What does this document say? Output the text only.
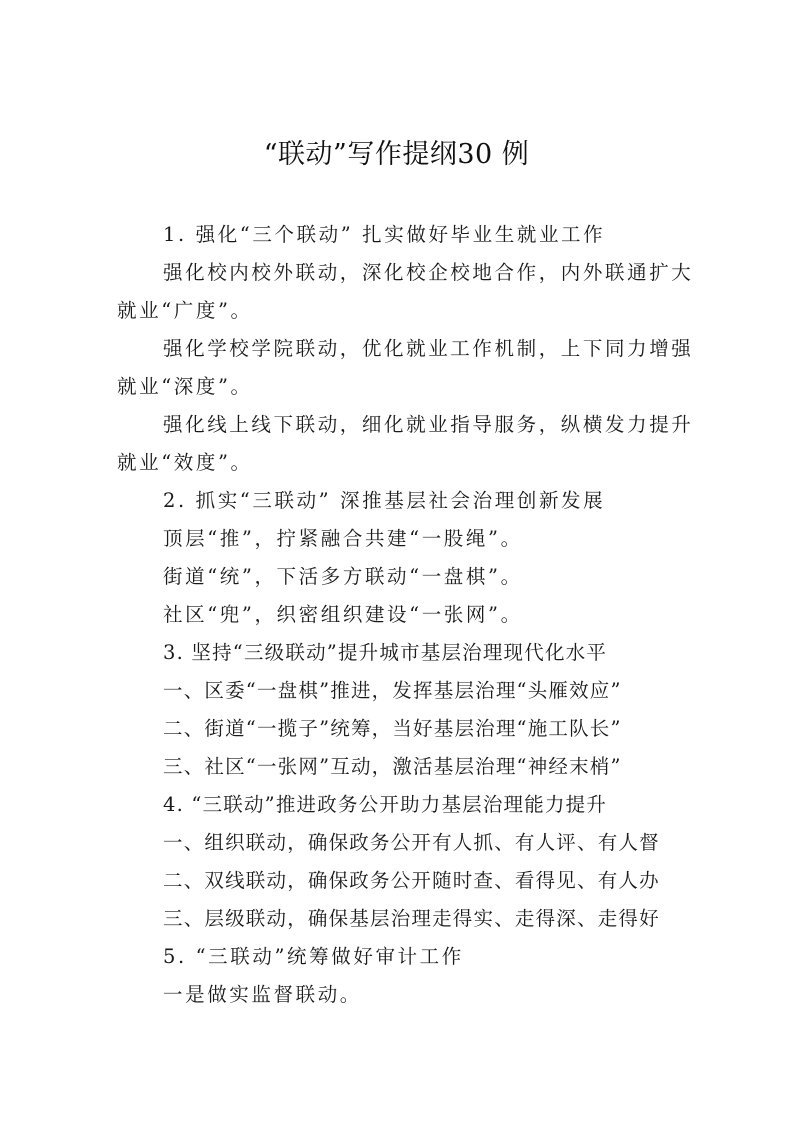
“联动”写作提纲30 例
1. 强化“三个联动” 扎实做好毕业生就业工作
强化校内校外联动，深化校企校地合作，内外联通扩大
就业“广度”。
强化学校学院联动，优化就业工作机制，上下同力增强
就业“深度”。
强化线上线下联动，细化就业指导服务，纵横发力提升
就业“效度”。
2. 抓实“三联动” 深推基层社会治理创新发展
顶层“推”，拧紧融合共建“一股绳”。
街道“统”，下活多方联动“一盘棋”。
社区“兜”，织密组织建设“一张网”。
3. 坚持“三级联动”提升城市基层治理现代化水平
一、区委“一盘棋”推进，发挥基层治理“头雁效应”
二、街道“一揽子”统筹，当好基层治理“施工队长”
三、社区“一张网”互动，激活基层治理“神经末梢”
4. “三联动”推进政务公开助力基层治理能力提升
一、组织联动，确保政务公开有人抓、有人评、有人督
二、双线联动，确保政务公开随时查、看得见、有人办
三、层级联动，确保基层治理走得实、走得深、走得好
5. “三联动”统筹做好审计工作
一是做实监督联动。
